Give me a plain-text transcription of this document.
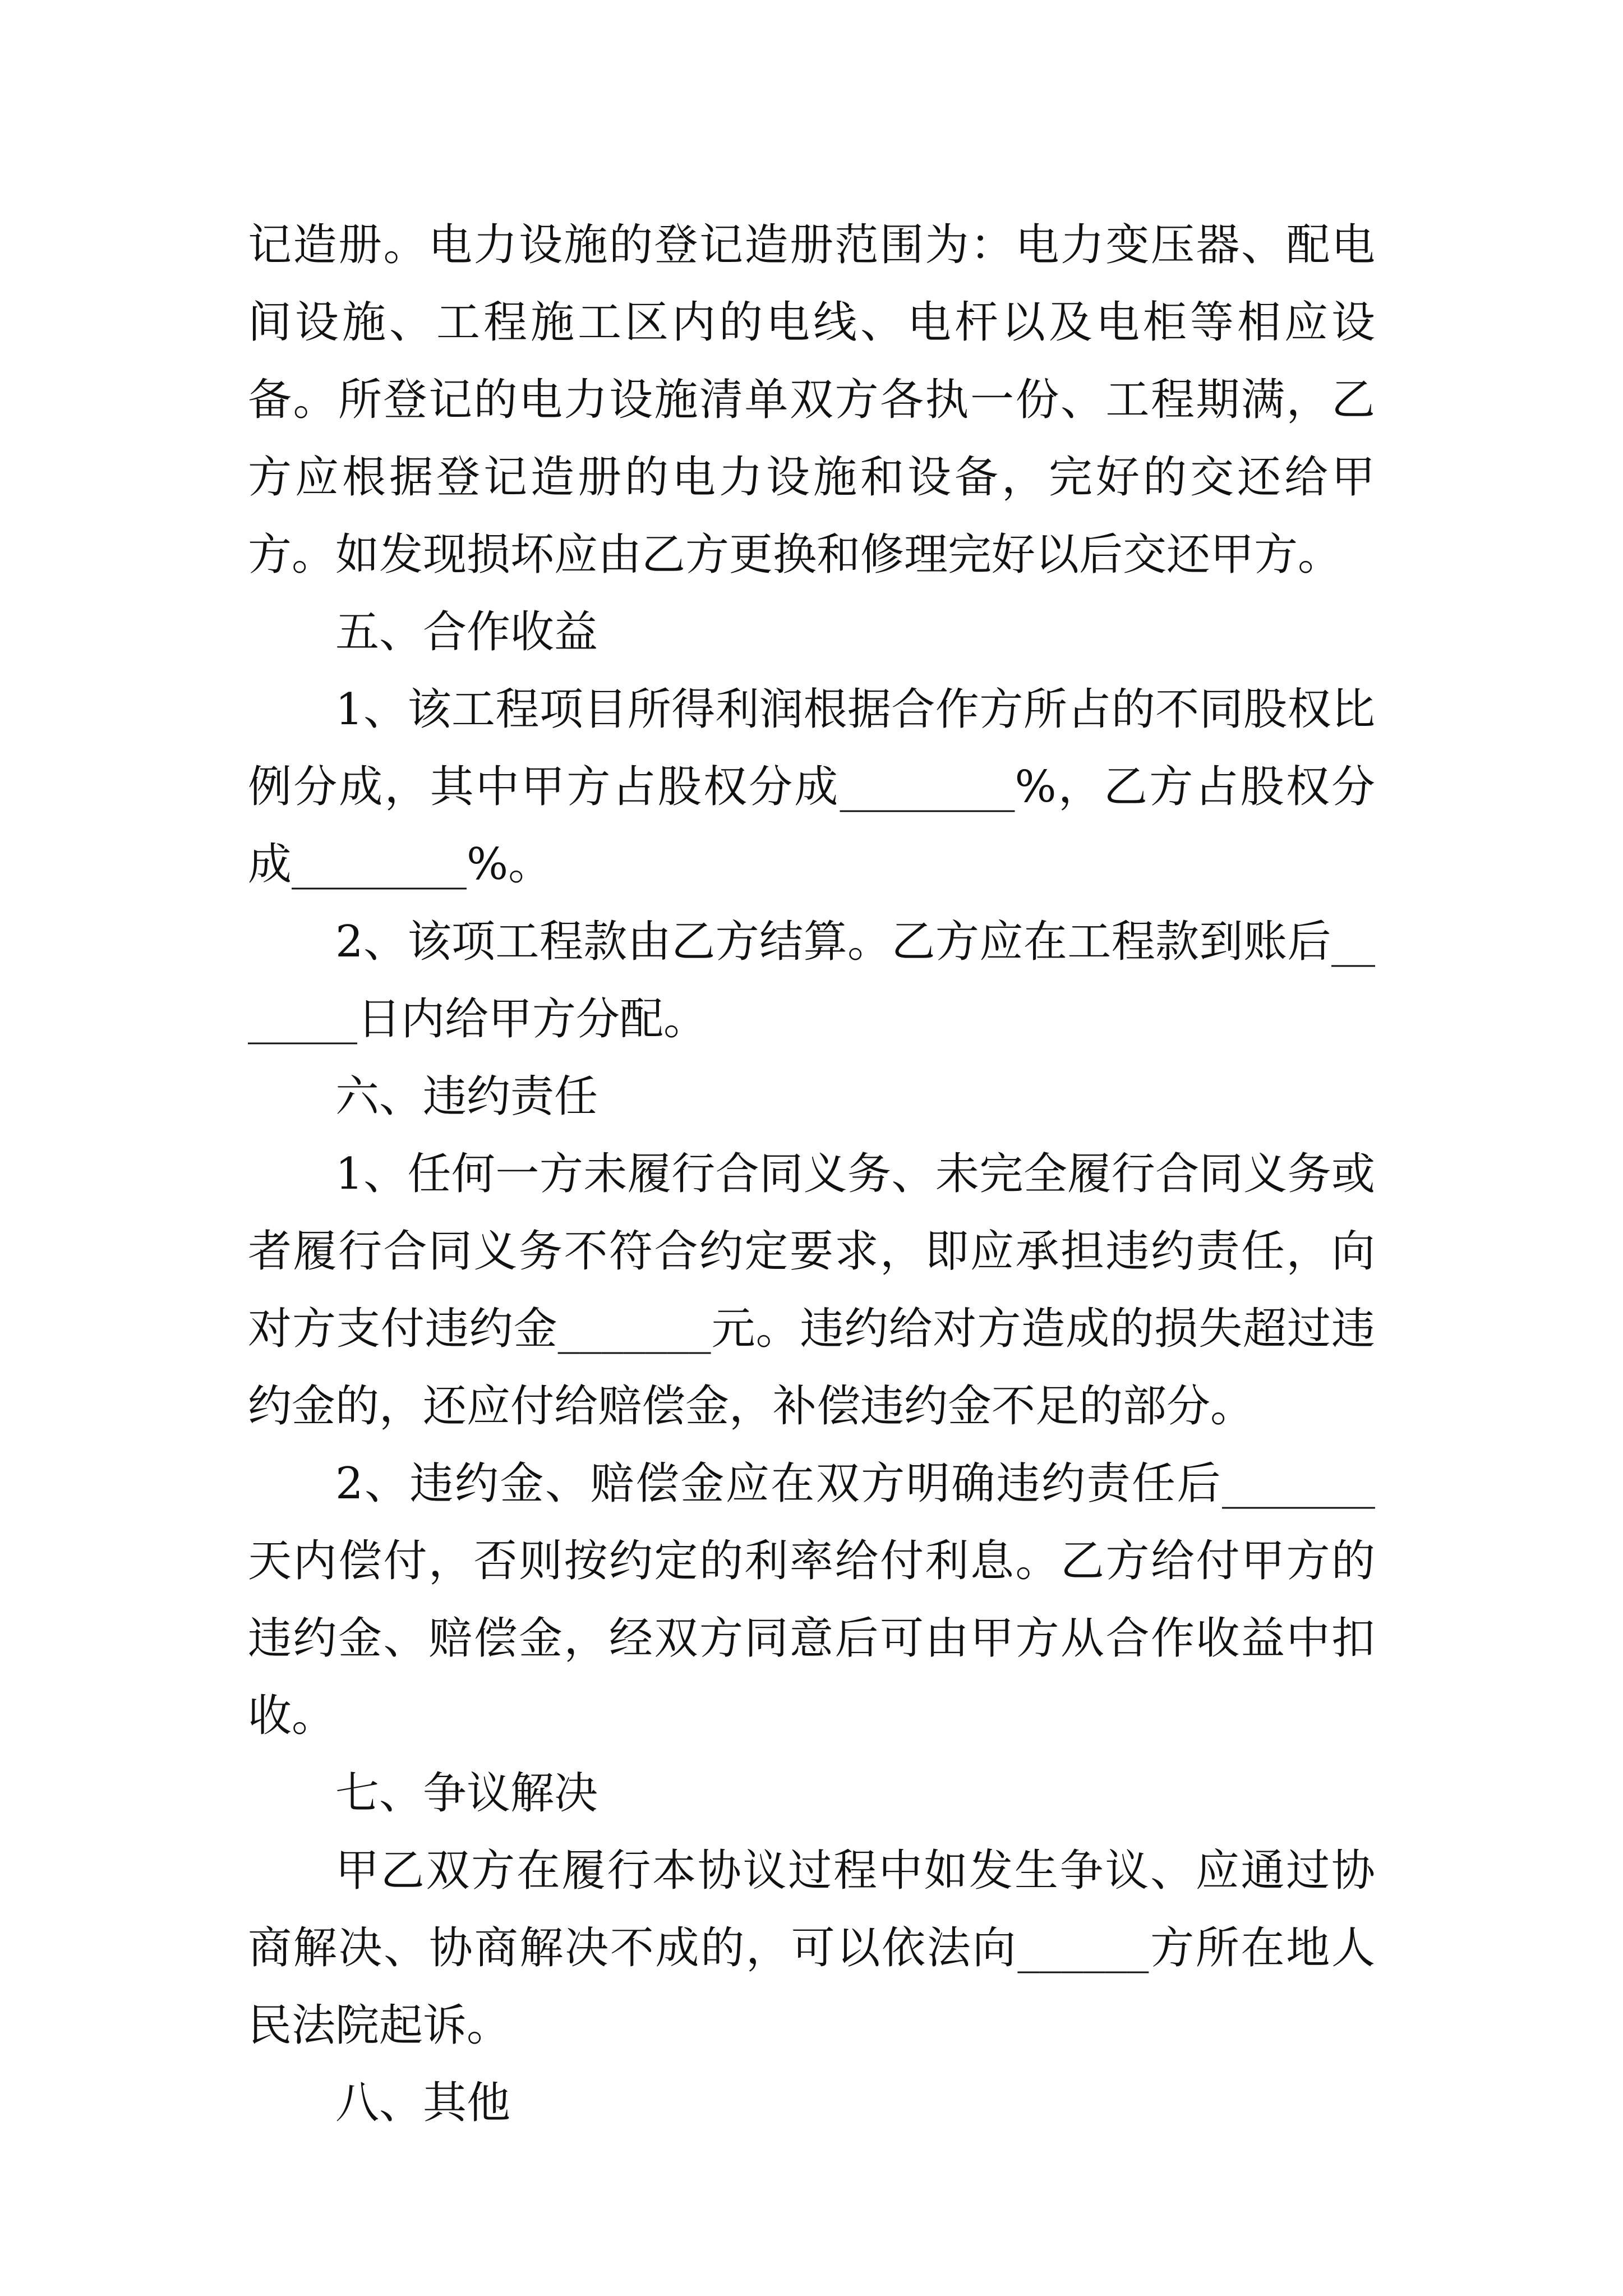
记造册。电力设施的登记造册范围为：电力变压器、配电间设施、工程施工区内的电线、电杆以及电柜等相应设备。所登记的电力设施清单双方各执一份、工程期满，乙方应根据登记造册的电力设施和设备，完好的交还给甲方。如发现损坏应由乙方更换和修理完好以后交还甲方。

五、合作收益

1、该工程项目所得利润根据合作方所占的不同股权比例分成，其中甲方占股权分成________%，乙方占股权分成________%。

2、该项工程款由乙方结算。乙方应在工程款到账后_______日内给甲方分配。

六、违约责任

1、任何一方未履行合同义务、未完全履行合同义务或者履行合同义务不符合约定要求，即应承担违约责任，向对方支付违约金_______元。违约给对方造成的损失超过违约金的，还应付给赔偿金，补偿违约金不足的部分。

2、违约金、赔偿金应在双方明确违约责任后_______天内偿付，否则按约定的利率给付利息。乙方给付甲方的违约金、赔偿金，经双方同意后可由甲方从合作收益中扣收。

七、争议解决

甲乙双方在履行本协议过程中如发生争议、应通过协商解决、协商解决不成的，可以依法向______方所在地人民法院起诉。

八、其他
